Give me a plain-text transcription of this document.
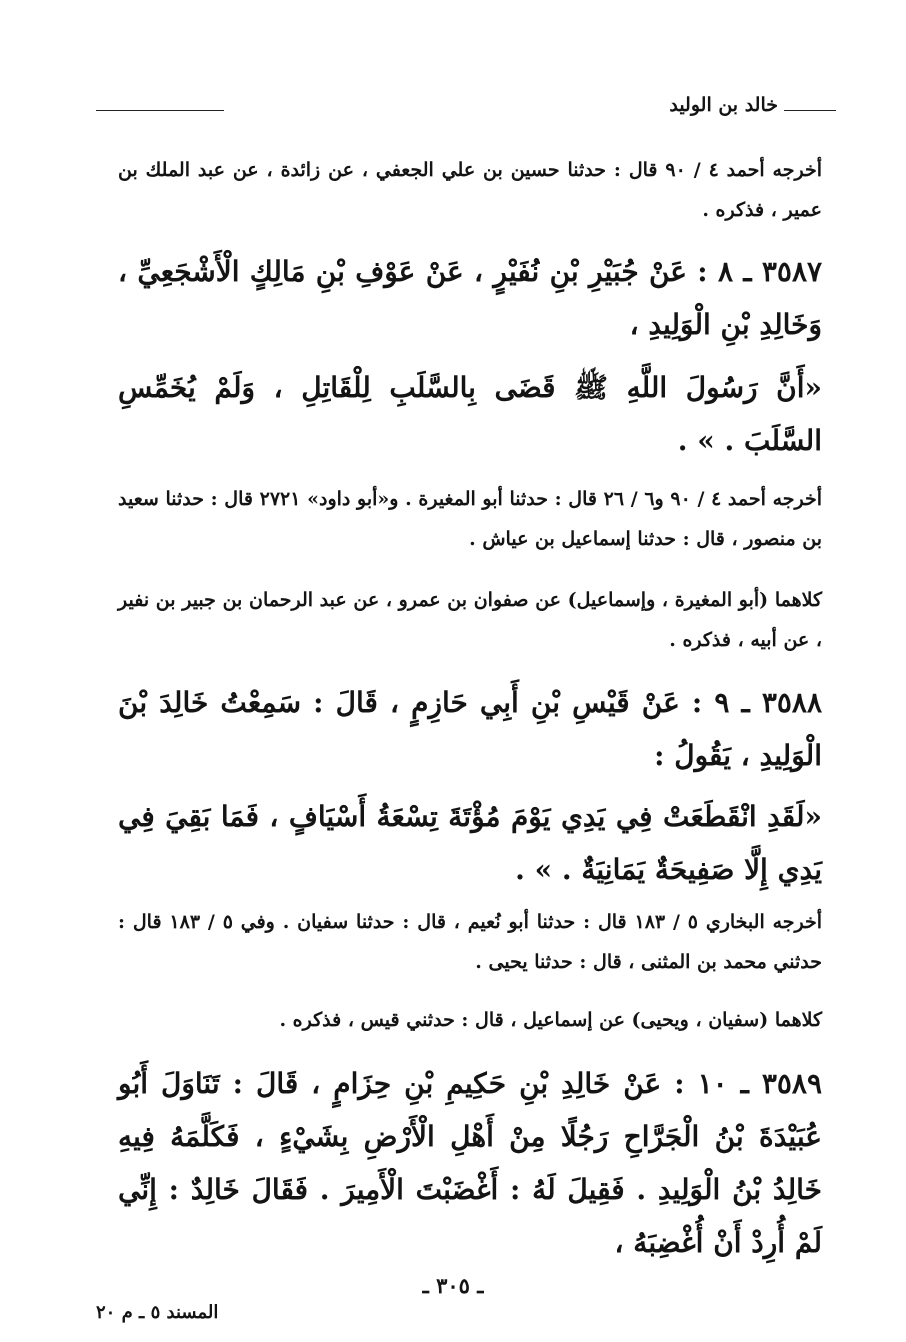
خالد بن الوليد
أخرجه أحمد ٤ / ٩٠ قال : حدثنا حسين بن علي الجعفي ، عن زائدة ، عن عبد الملك بن عمير ، فذكره .
٣٥٨٧ ـ ٨ : عَنْ جُبَيْرِ بْنِ نُفَيْرٍ ، عَنْ عَوْفِ بْنِ مَالِكٍ الْأَشْجَعِيِّ ، وَخَالِدِ بْنِ الْوَلِيدِ ،
«أَنَّ رَسُولَ اللَّهِ ﷺ قَضَى بِالسَّلَبِ لِلْقَاتِلِ ، وَلَمْ يُخَمِّسِ السَّلَبَ . » .
أخرجه أحمد ٤ / ٩٠ و٦ / ٢٦ قال : حدثنا أبو المغيرة . و«أبو داود» ٢٧٢١ قال : حدثنا سعيد بن منصور ، قال : حدثنا إسماعيل بن عياش .
كلاهما (أبو المغيرة ، وإسماعيل) عن صفوان بن عمرو ، عن عبد الرحمان بن جبير بن نفير ، عن أبيه ، فذكره .
٣٥٨٨ ـ ٩ : عَنْ قَيْسِ بْنِ أَبِي حَازِمٍ ، قَالَ : سَمِعْتُ خَالِدَ بْنَ الْوَلِيدِ ، يَقُولُ :
«لَقَدِ انْقَطَعَتْ فِي يَدِي يَوْمَ مُؤْتَةَ تِسْعَةُ أَسْيَافٍ ، فَمَا بَقِيَ فِي يَدِي إِلَّا صَفِيحَةٌ يَمَانِيَةٌ . » .
أخرجه البخاري ٥ / ١٨٣ قال : حدثنا أبو نُعيم ، قال : حدثنا سفيان . وفي ٥ / ١٨٣ قال : حدثني محمد بن المثنى ، قال : حدثنا يحيى .
كلاهما (سفيان ، ويحيى) عن إسماعيل ، قال : حدثني قيس ، فذكره .
٣٥٨٩ ـ ١٠ : عَنْ خَالِدِ بْنِ حَكِيمِ بْنِ حِزَامٍ ، قَالَ : تَنَاوَلَ أَبُو عُبَيْدَةَ بْنُ الْجَرَّاحِ رَجُلًا مِنْ أَهْلِ الْأَرْضِ بِشَيْءٍ ، فَكَلَّمَهُ فِيهِ خَالِدُ بْنُ الْوَلِيدِ . فَقِيلَ لَهُ : أَغْضَبْتَ الْأَمِيرَ . فَقَالَ خَالِدٌ : إِنِّي لَمْ أُرِدْ أَنْ أُغْضِبَهُ ،
ـ ٣٠٥ ـ
المسند ٥ ـ م ٢٠
